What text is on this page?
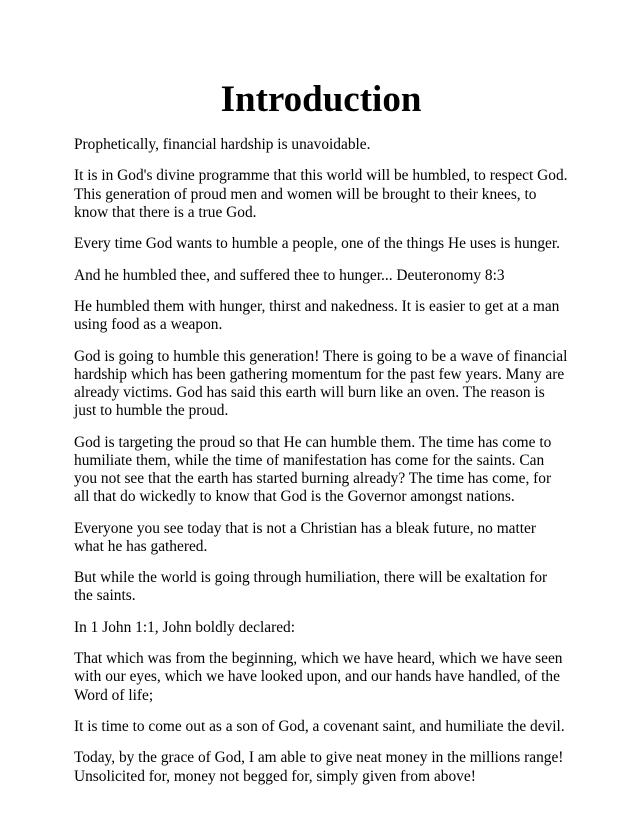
Introduction

Prophetically, financial hardship is unavoidable.

It is in God's divine programme that this world will be humbled, to respect God. This generation of proud men and women will be brought to their knees, to know that there is a true God.

Every time God wants to humble a people, one of the things He uses is hunger.

And he humbled thee, and suffered thee to hunger... Deuteronomy 8:3

He humbled them with hunger, thirst and nakedness. It is easier to get at a man using food as a weapon.

God is going to humble this generation! There is going to be a wave of financial hardship which has been gathering momentum for the past few years. Many are already victims. God has said this earth will burn like an oven. The reason is just to humble the proud.

God is targeting the proud so that He can humble them. The time has come to humiliate them, while the time of manifestation has come for the saints. Can you not see that the earth has started burning already? The time has come, for all that do wickedly to know that God is the Governor amongst nations.

Everyone you see today that is not a Christian has a bleak future, no matter what he has gathered.

But while the world is going through humiliation, there will be exaltation for the saints.

In 1 John 1:1, John boldly declared:

That which was from the beginning, which we have heard, which we have seen with our eyes, which we have looked upon, and our hands have handled, of the Word of life;

It is time to come out as a son of God, a covenant saint, and humiliate the devil.

Today, by the grace of God, I am able to give neat money in the millions range! Unsolicited for, money not begged for, simply given from above!
